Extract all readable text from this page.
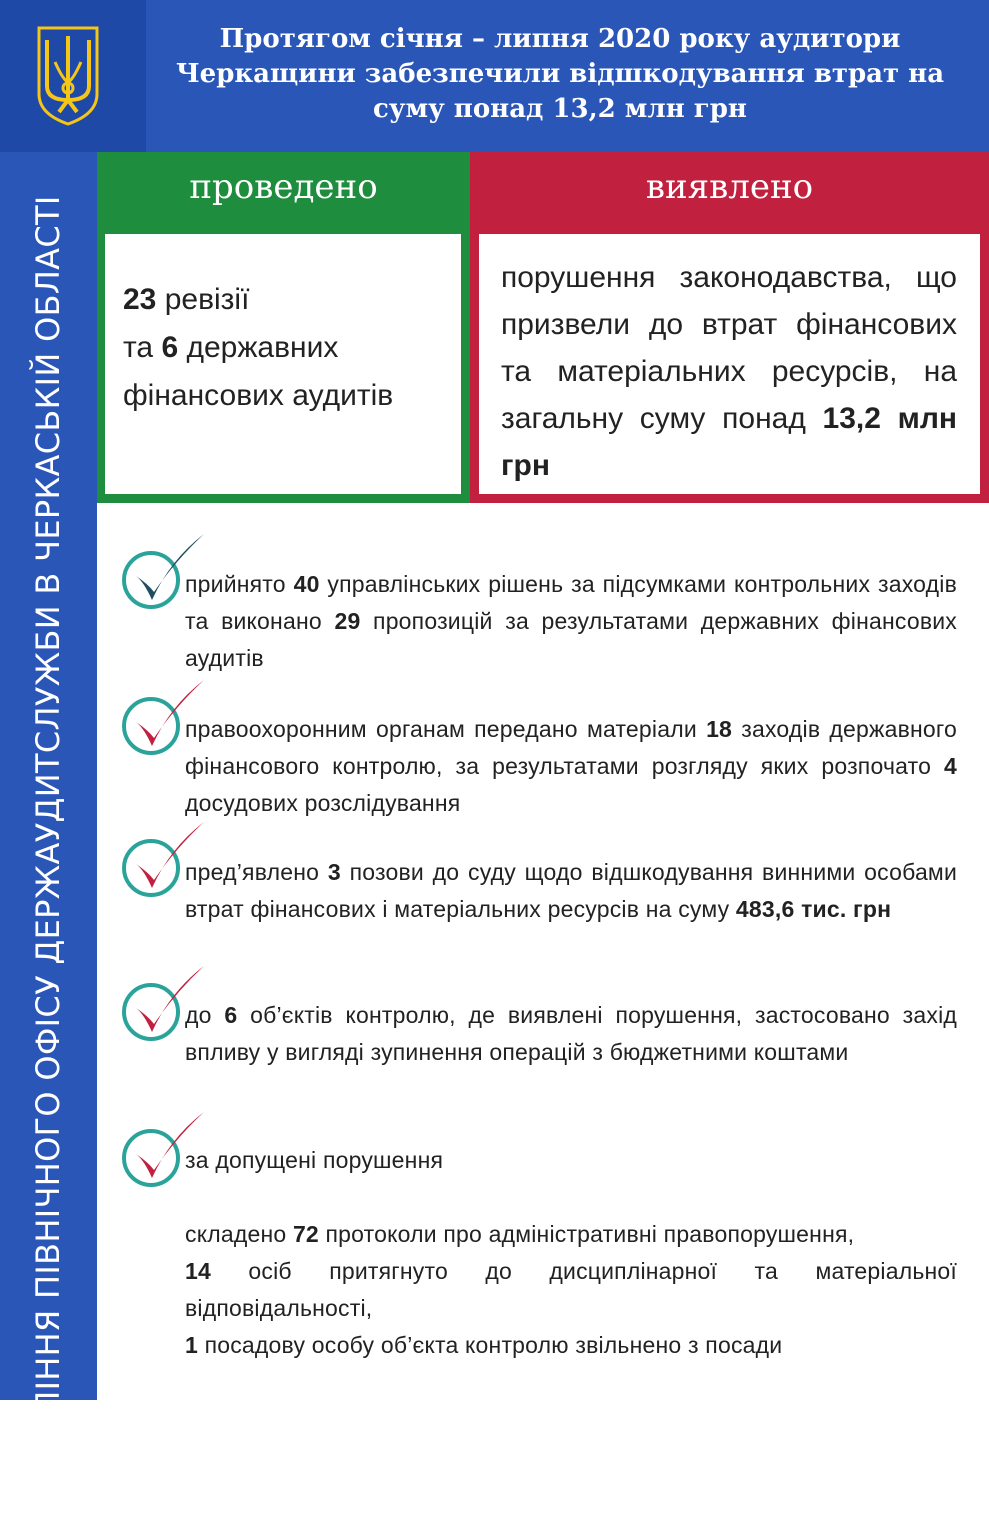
Протягом січня – липня 2020 року аудитори
Черкащини забезпечили відшкодування втрат на
суму понад 13,2 млн грн
УПРАВЛІННЯ ПІВНІЧНОГО ОФІСУ ДЕРЖАУДИТСЛУЖБИ В ЧЕРКАСЬКІЙ ОБЛАСТІ
проведено
23 ревізії
та 6 державних
фінансових аудитів
виявлено
порушення законодавства, що призвели до втрат фінансових та матеріальних ресурсів, на загальну суму понад 13,2 млн грн
прийнято 40 управлінських рішень за підсумками контрольних заходів та виконано 29 пропозицій за результатами державних фінансових аудитів
правоохоронним органам передано матеріали 18 заходів державного фінансового контролю, за результатами розгляду яких розпочато 4 досудових розслідування
пред’явлено 3 позови до суду щодо відшкодування винними особами втрат фінансових і матеріальних ресурсів на суму 483,6 тис. грн
до 6 об’єктів контролю, де виявлені порушення, застосовано захід впливу у вигляді зупинення операцій з бюджетними коштами
за допущені порушення
складено 72 протоколи про адміністративні правопорушення,
14 осіб притягнуто до дисциплінарної та матеріальної відповідальності,
1 посадову особу об’єкта контролю звільнено з посади
